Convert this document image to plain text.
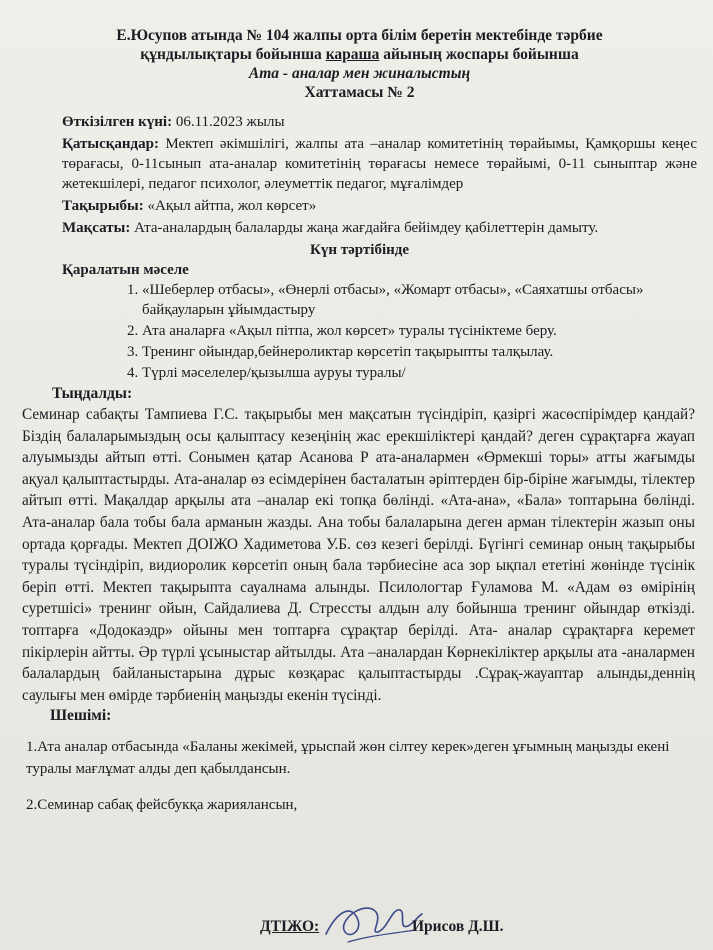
Е.Юсупов атында № 104 жалпы орта білім беретін мектебінде тәрбие
құндылықтары бойынша караша айының жоспары бойынша
Ата - аналар мен жиналыстың
Хаттамасы № 2

Өткізілген күні: 06.11.2023 жылы

Қатысқандар: Мектеп әкімшілігі, жалпы ата –аналар комитетінің төрайымы, Қамқоршы кеңес төрағасы, 0-11сынып ата-аналар комитетінің төрағасы немесе төрайымі, 0-11 сыныптар және жетекшілері, педагог психолог, әлеуметтік педагог, мұғалімдер

Тақырыбы: «Ақыл айтпа, жол көрсет»

Мақсаты: Ата-аналардың балаларды жаңа жағдайға бейімдеу қабілеттерін дамыту.

Күн тәртібінде
Қаралатын мәселе
1. «Шеберлер отбасы», «Өнерлі отбасы», «Жомарт отбасы», «Саяхатшы отбасы» байқауларын ұйымдастыру
2. Ата аналарға «Ақыл пітпа, жол көрсет» туралы түсініктеме беру.
3. Тренинг ойындар,бейнероликтар көрсетіп тақырыпты талқылау.
4. Түрлі мәселелер/қызылша ауруы туралы/
Тыңдалды:

Семинар сабақты Тампиева Г.С. тақырыбы мен мақсатын түсіндіріп, қазіргі жасөспірімдер қандай? Біздің балаларымыздың осы қалыптасу кезеңінің жас ерекшіліктері қандай? деген сұрақтарға жауап алуымызды айтып өтті. Сонымен қатар Асанова Р ата-аналармен «Өрмекші торы» атты жағымды ақуал қалыптастырды. Ата-аналар өз есімдерінен басталатын әріптерден бір-біріне жағымды, тілектер айтып өтті. Мақалдар арқылы ата –аналар екі топқа бөлінді. «Ата-ана», «Бала» топтарына бөлінді. Ата-аналар бала тобы бала арманын жазды. Ана тобы балаларына деген арман тілектерін жазып оны ортада қорғады. Мектеп ДОІЖО Хадиметова У.Б. сөз кезегі берілді. Бүгінгі семинар оның тақырыбы туралы түсіндіріп, видиоролик көрсетіп оның бала тәрбиесіне аса зор ықпал ететіні жөнінде түсінік беріп өтті. Мектеп тақырыпта сауалнама алынды. Псилологтар Ғуламова М. «Адам өз өмірінің суретшісі» тренинг ойын, Сайдалиева Д. Стрессты алдын алу бойынша тренинг ойындар өткізді. топтарға «Додокаэдр» ойыны мен топтарға сұрақтар берілді. Ата- аналар сұрақтарға керемет пікірлерін айтты. Әр түрлі ұсыныстар айтылды. Ата –аналардан Көрнекіліктер арқылы ата -аналармен балалардың байланыстарына дұрыс көзқарас қалыптастырды .Сұрақ-жауаптар алынды,деннің саулығы мен өмірде тәрбиенің маңызды екенін түсінді.

Шешімі:

1.Ата аналар отбасында «Баланы жекімей, ұрыспай жөн сілтеу керек»деген ұғымның маңызды екені туралы мағлұмат алды деп қабылдансын.

2.Семинар сабақ фейсбукқа жариялансын,

ДТІЖО:	Ирисов Д.Ш.
